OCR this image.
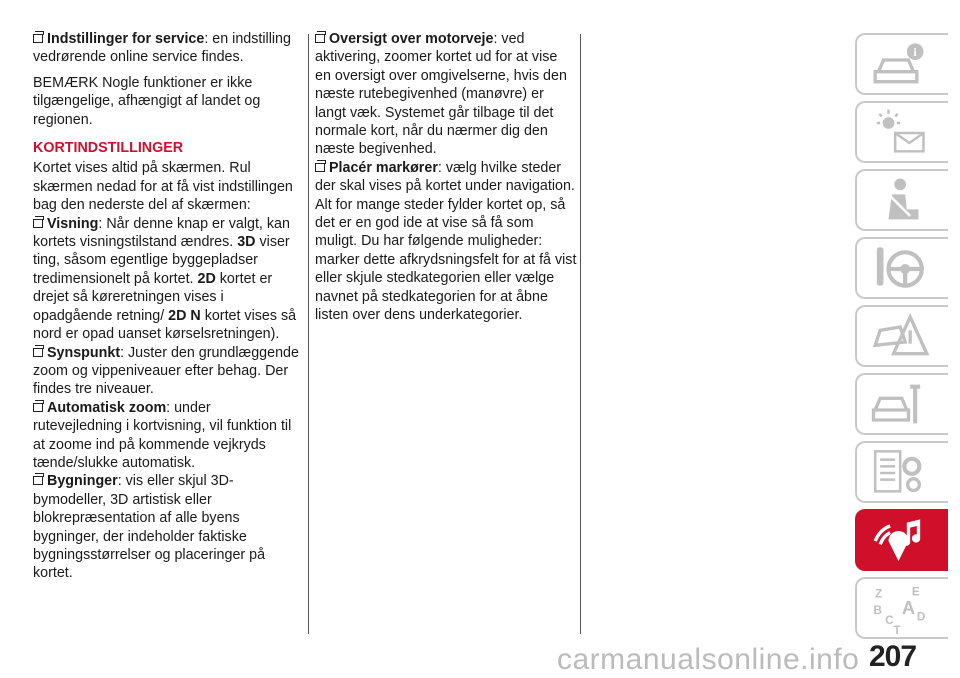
Indstillinger for service: en indstilling vedrørende online service findes.

BEMÆRK Nogle funktioner er ikke tilgængelige, afhængigt af landet og regionen.

KORTINDSTILLINGER

Kortet vises altid på skærmen. Rul skærmen nedad for at få vist indstillingen bag den nederste del af skærmen:

Visning: Når denne knap er valgt, kan kortets visningstilstand ændres. 3D viser ting, såsom egentlige byggepladser tredimensionelt på kortet. 2D kortet er drejet så køreretningen vises i opadgående retning/ 2D N kortet vises så nord er opad uanset kørselsretningen).

Synspunkt: Juster den grundlæggende zoom og vippeniveauer efter behag. Der findes tre niveauer.

Automatisk zoom: under rutevejledning i kortvisning, vil funktion til at zoome ind på kommende vejkryds tænde/slukke automatisk.

Bygninger: vis eller skjul 3D-bymodeller, 3D artistisk eller blokrepræsentation af alle byens bygninger, der indeholder faktiske bygningsstørrelser og placeringer på kortet.

Oversigt over motorveje: ved aktivering, zoomer kortet ud for at vise en oversigt over omgivelserne, hvis den næste rutebegivenhed (manøvre) er langt væk. Systemet går tilbage til det normale kort, når du nærmer dig den næste begivenhed.

Placér markører: vælg hvilke steder der skal vises på kortet under navigation. Alt for mange steder fylder kortet op, så det er en god ide at vise så få som muligt. Du har følgende muligheder: marker dette afkrydsningsfelt for at få vist eller skjule stedkategorien eller vælge navnet på stedkategorien for at åbne listen over dens underkategorier.

i
Z E
B A
C D
T
207
carmanualsonline.info
